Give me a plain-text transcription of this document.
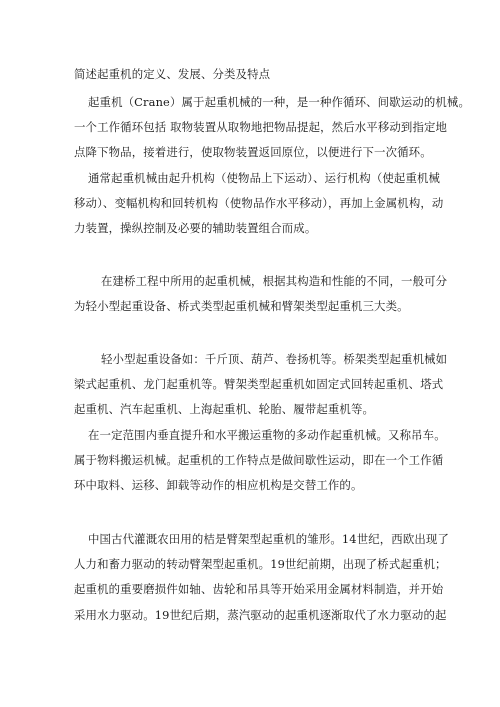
简述起重机的定义、发展、分类及特点
起重机（Crane）属于起重机械的一种，是一种作循环、间歇运动的机械。
一个工作循环包括 取物装置从取物地把物品提起，然后水平移动到指定地
点降下物品，接着进行，使取物装置返回原位，以便进行下一次循环。
通常起重机械由起升机构（使物品上下运动）、运行机构（使起重机械
移动）、变幅机构和回转机构（使物品作水平移动），再加上金属机构，动
力装置，操纵控制及必要的辅助装置组合而成。
在建桥工程中所用的起重机械，根据其构造和性能的不同，一般可分
为轻小型起重设备、桥式类型起重机械和臂架类型起重机三大类。
轻小型起重设备如：千斤顶、葫芦、卷扬机等。桥架类型起重机械如
梁式起重机、龙门起重机等。臂架类型起重机如固定式回转起重机、塔式
起重机、汽车起重机、上海起重机、轮胎、履带起重机等。
在一定范围内垂直提升和水平搬运重物的多动作起重机械。又称吊车。
属于物料搬运机械。起重机的工作特点是做间歇性运动，即在一个工作循
环中取料、运移、卸载等动作的相应机构是交替工作的。
中国古代灌溉农田用的桔是臂架型起重机的雏形。14世纪，西欧出现了
人力和畜力驱动的转动臂架型起重机。19世纪前期，出现了桥式起重机；
起重机的重要磨损件如轴、齿轮和吊具等开始采用金属材料制造，并开始
采用水力驱动。19世纪后期，蒸汽驱动的起重机逐渐取代了水力驱动的起
